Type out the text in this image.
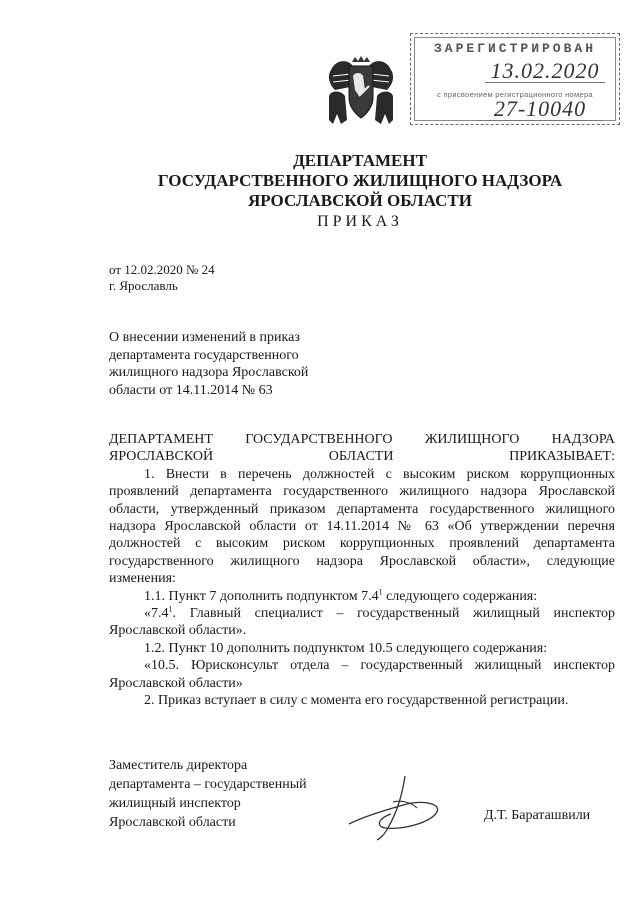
ЗАРЕГИСТРИРОВАН
13.02.2020
с присвоением регистрационного номера
27-10040
ДЕПАРТАМЕНТ
ГОСУДАРСТВЕННОГО ЖИЛИЩНОГО НАДЗОРА
ЯРОСЛАВСКОЙ ОБЛАСТИ
ПРИКАЗ
от 12.02.2020 № 24
г. Ярославль
О внесении изменений в приказ
департамента государственного
жилищного надзора Ярославской
области от 14.11.2014 № 63

ДЕПАРТАМЕНТ ГОСУДАРСТВЕННОГО ЖИЛИЩНОГО НАДЗОРА ЯРОСЛАВСКОЙ ОБЛАСТИ ПРИКАЗЫВАЕТ:

1. Внести в перечень должностей с высоким риском коррупционных проявлений департамента государственного жилищного надзора Ярославской области, утвержденный приказом департамента государственного жилищного надзора Ярославской области от 14.11.2014 № 63 «Об утверждении перечня должностей с высоким риском коррупционных проявлений департамента государственного жилищного надзора Ярославской области», следующие изменения:

1.1. Пункт 7 дополнить подпунктом $7.4^1$ следующего содержания:

«$7.4^1$. Главный специалист – государственный жилищный инспектор Ярославской области».

1.2. Пункт 10 дополнить подпунктом 10.5 следующего содержания:

«10.5. Юрисконсульт отдела – государственный жилищный инспектор Ярославской области»

2. Приказ вступает в силу с момента его государственной регистрации.

Заместитель директора
департамента – государственный
жилищный инспектор
Ярославской области	Д.Т. Бараташвили
